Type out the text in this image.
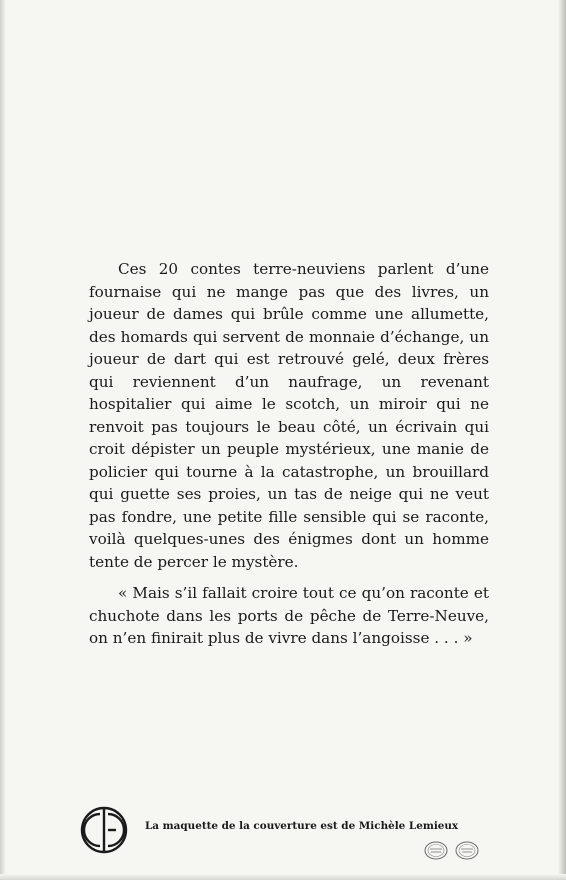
Ces 20 contes terre-neuviens parlent d’une fournaise qui ne mange pas que des livres, un joueur de dames qui brûle comme une allumette, des homards qui servent de monnaie d’échange, un joueur de dart qui est retrouvé gelé, deux frères qui reviennent d’un naufrage, un revenant hospitalier qui aime le scotch, un miroir qui ne renvoit pas toujours le beau côté, un écrivain qui croit dépister un peuple mystérieux, une manie de policier qui tourne à la catastrophe, un brouillard qui guette ses proies, un tas de neige qui ne veut pas fondre, une petite fille sensible qui se raconte, voilà quelques-unes des énigmes dont un homme tente de percer le mystère.

« Mais s’il fallait croire tout ce qu’on raconte et chuchote dans les ports de pêche de Terre-Neuve, on n’en finirait plus de vivre dans l’angoisse . . . »

La maquette de la couverture est de Michèle Lemieux
